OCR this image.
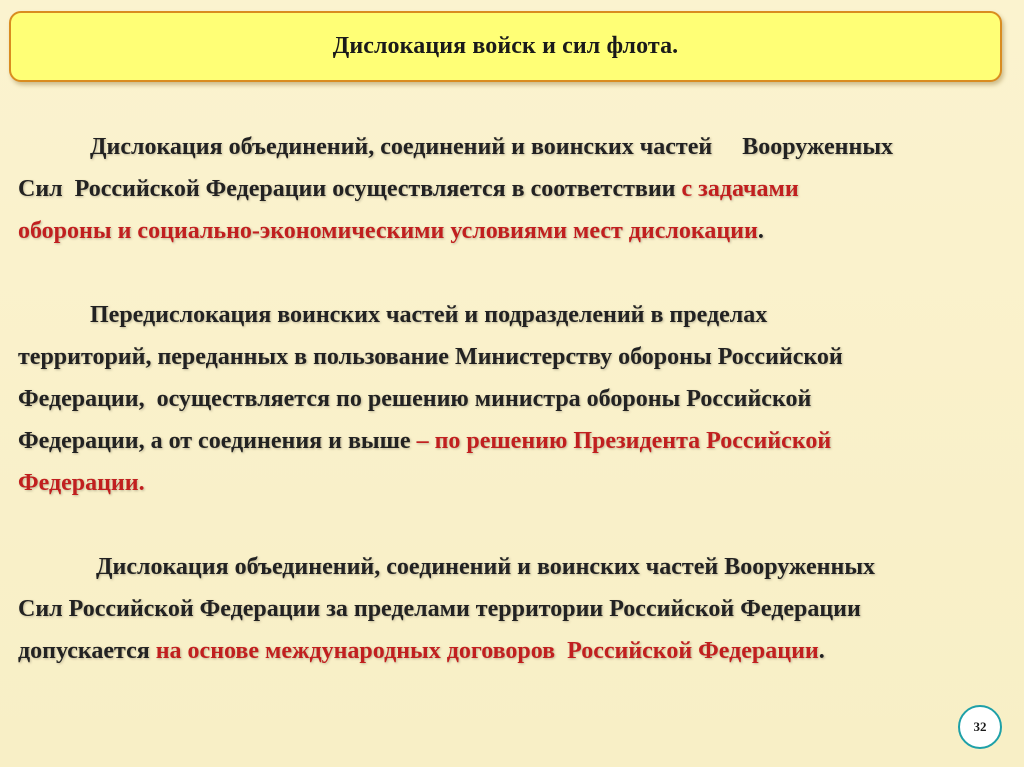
Дислокация войск и сил флота.

Дислокация объединений, соединений и воинских частей     Вооруженных
Сил  Российской Федерации осуществляется в соответствии с задачами
обороны и социально-экономическими условиями мест дислокации.

Передислокация воинских частей и подразделений в пределах
территорий, переданных в пользование Министерству обороны Российской
Федерации,  осуществляется по решению министра обороны Российской
Федерации, а от соединения и выше – по решению Президента Российской
Федерации.

Дислокация объединений, соединений и воинских частей Вооруженных
Сил Российской Федерации за пределами территории Российской Федерации
допускается на основе международных договоров  Российской Федерации.

32
